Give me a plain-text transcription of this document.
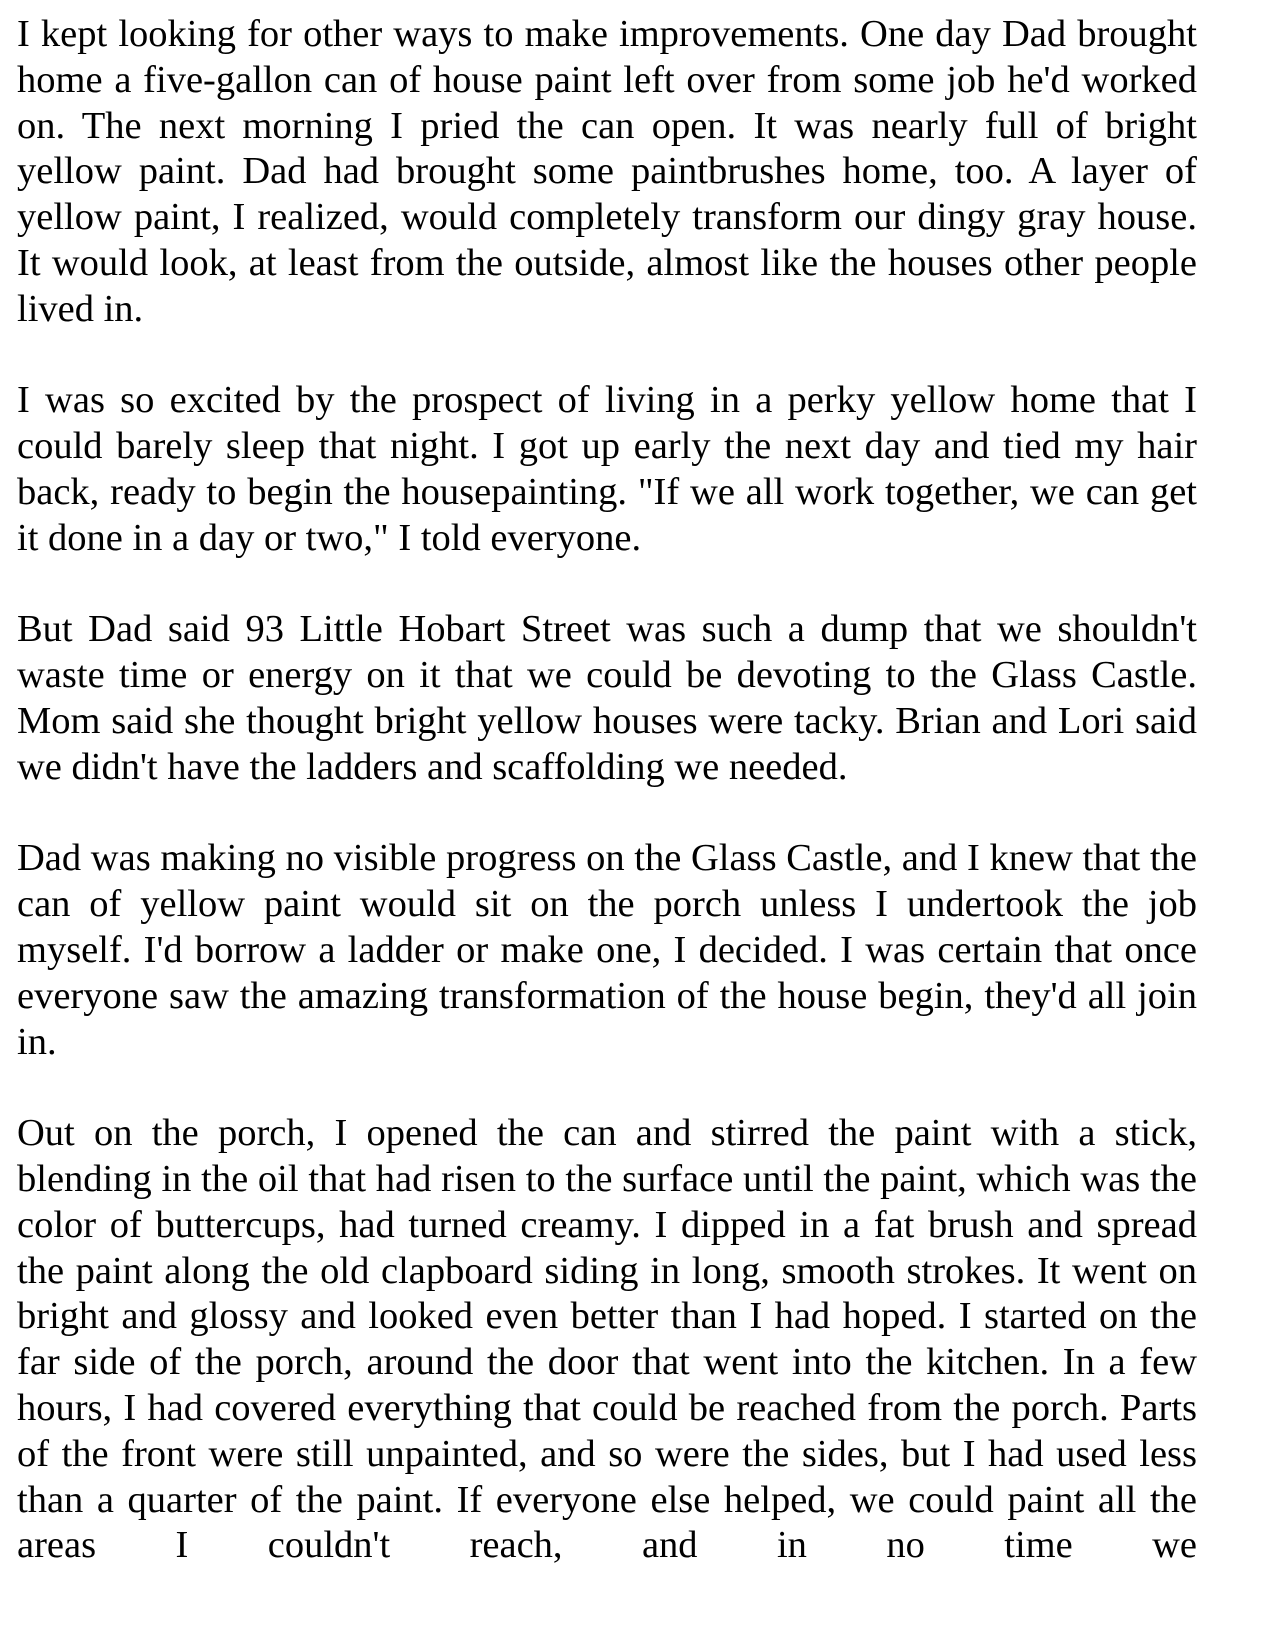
I kept looking for other ways to make improvements. One day Dad brought home a five-gallon can of house paint left over from some job he'd worked on. The next morning I pried the can open. It was nearly full of bright yellow paint. Dad had brought some paintbrushes home, too. A layer of yellow paint, I realized, would completely transform our dingy gray house. It would look, at least from the outside, almost like the houses other people lived in.

I was so excited by the prospect of living in a perky yellow home that I could barely sleep that night. I got up early the next day and tied my hair back, ready to begin the housepainting. "If we all work together, we can get it done in a day or two," I told everyone.

But Dad said 93 Little Hobart Street was such a dump that we shouldn't waste time or energy on it that we could be devoting to the Glass Castle. Mom said she thought bright yellow houses were tacky. Brian and Lori said we didn't have the ladders and scaffolding we needed.

Dad was making no visible progress on the Glass Castle, and I knew that the can of yellow paint would sit on the porch unless I undertook the job myself. I'd borrow a ladder or make one, I decided. I was certain that once everyone saw the amazing transformation of the house begin, they'd all join in.

Out on the porch, I opened the can and stirred the paint with a stick, blending in the oil that had risen to the surface until the paint, which was the color of buttercups, had turned creamy. I dipped in a fat brush and spread the paint along the old clapboard siding in long, smooth strokes. It went on bright and glossy and looked even better than I had hoped. I started on the far side of the porch, around the door that went into the kitchen. In a few hours, I had covered everything that could be reached from the porch. Parts of the front were still unpainted, and so were the sides, but I had used less than a quarter of the paint. If everyone else helped, we could paint all the areas I couldn't reach, and in no time we
